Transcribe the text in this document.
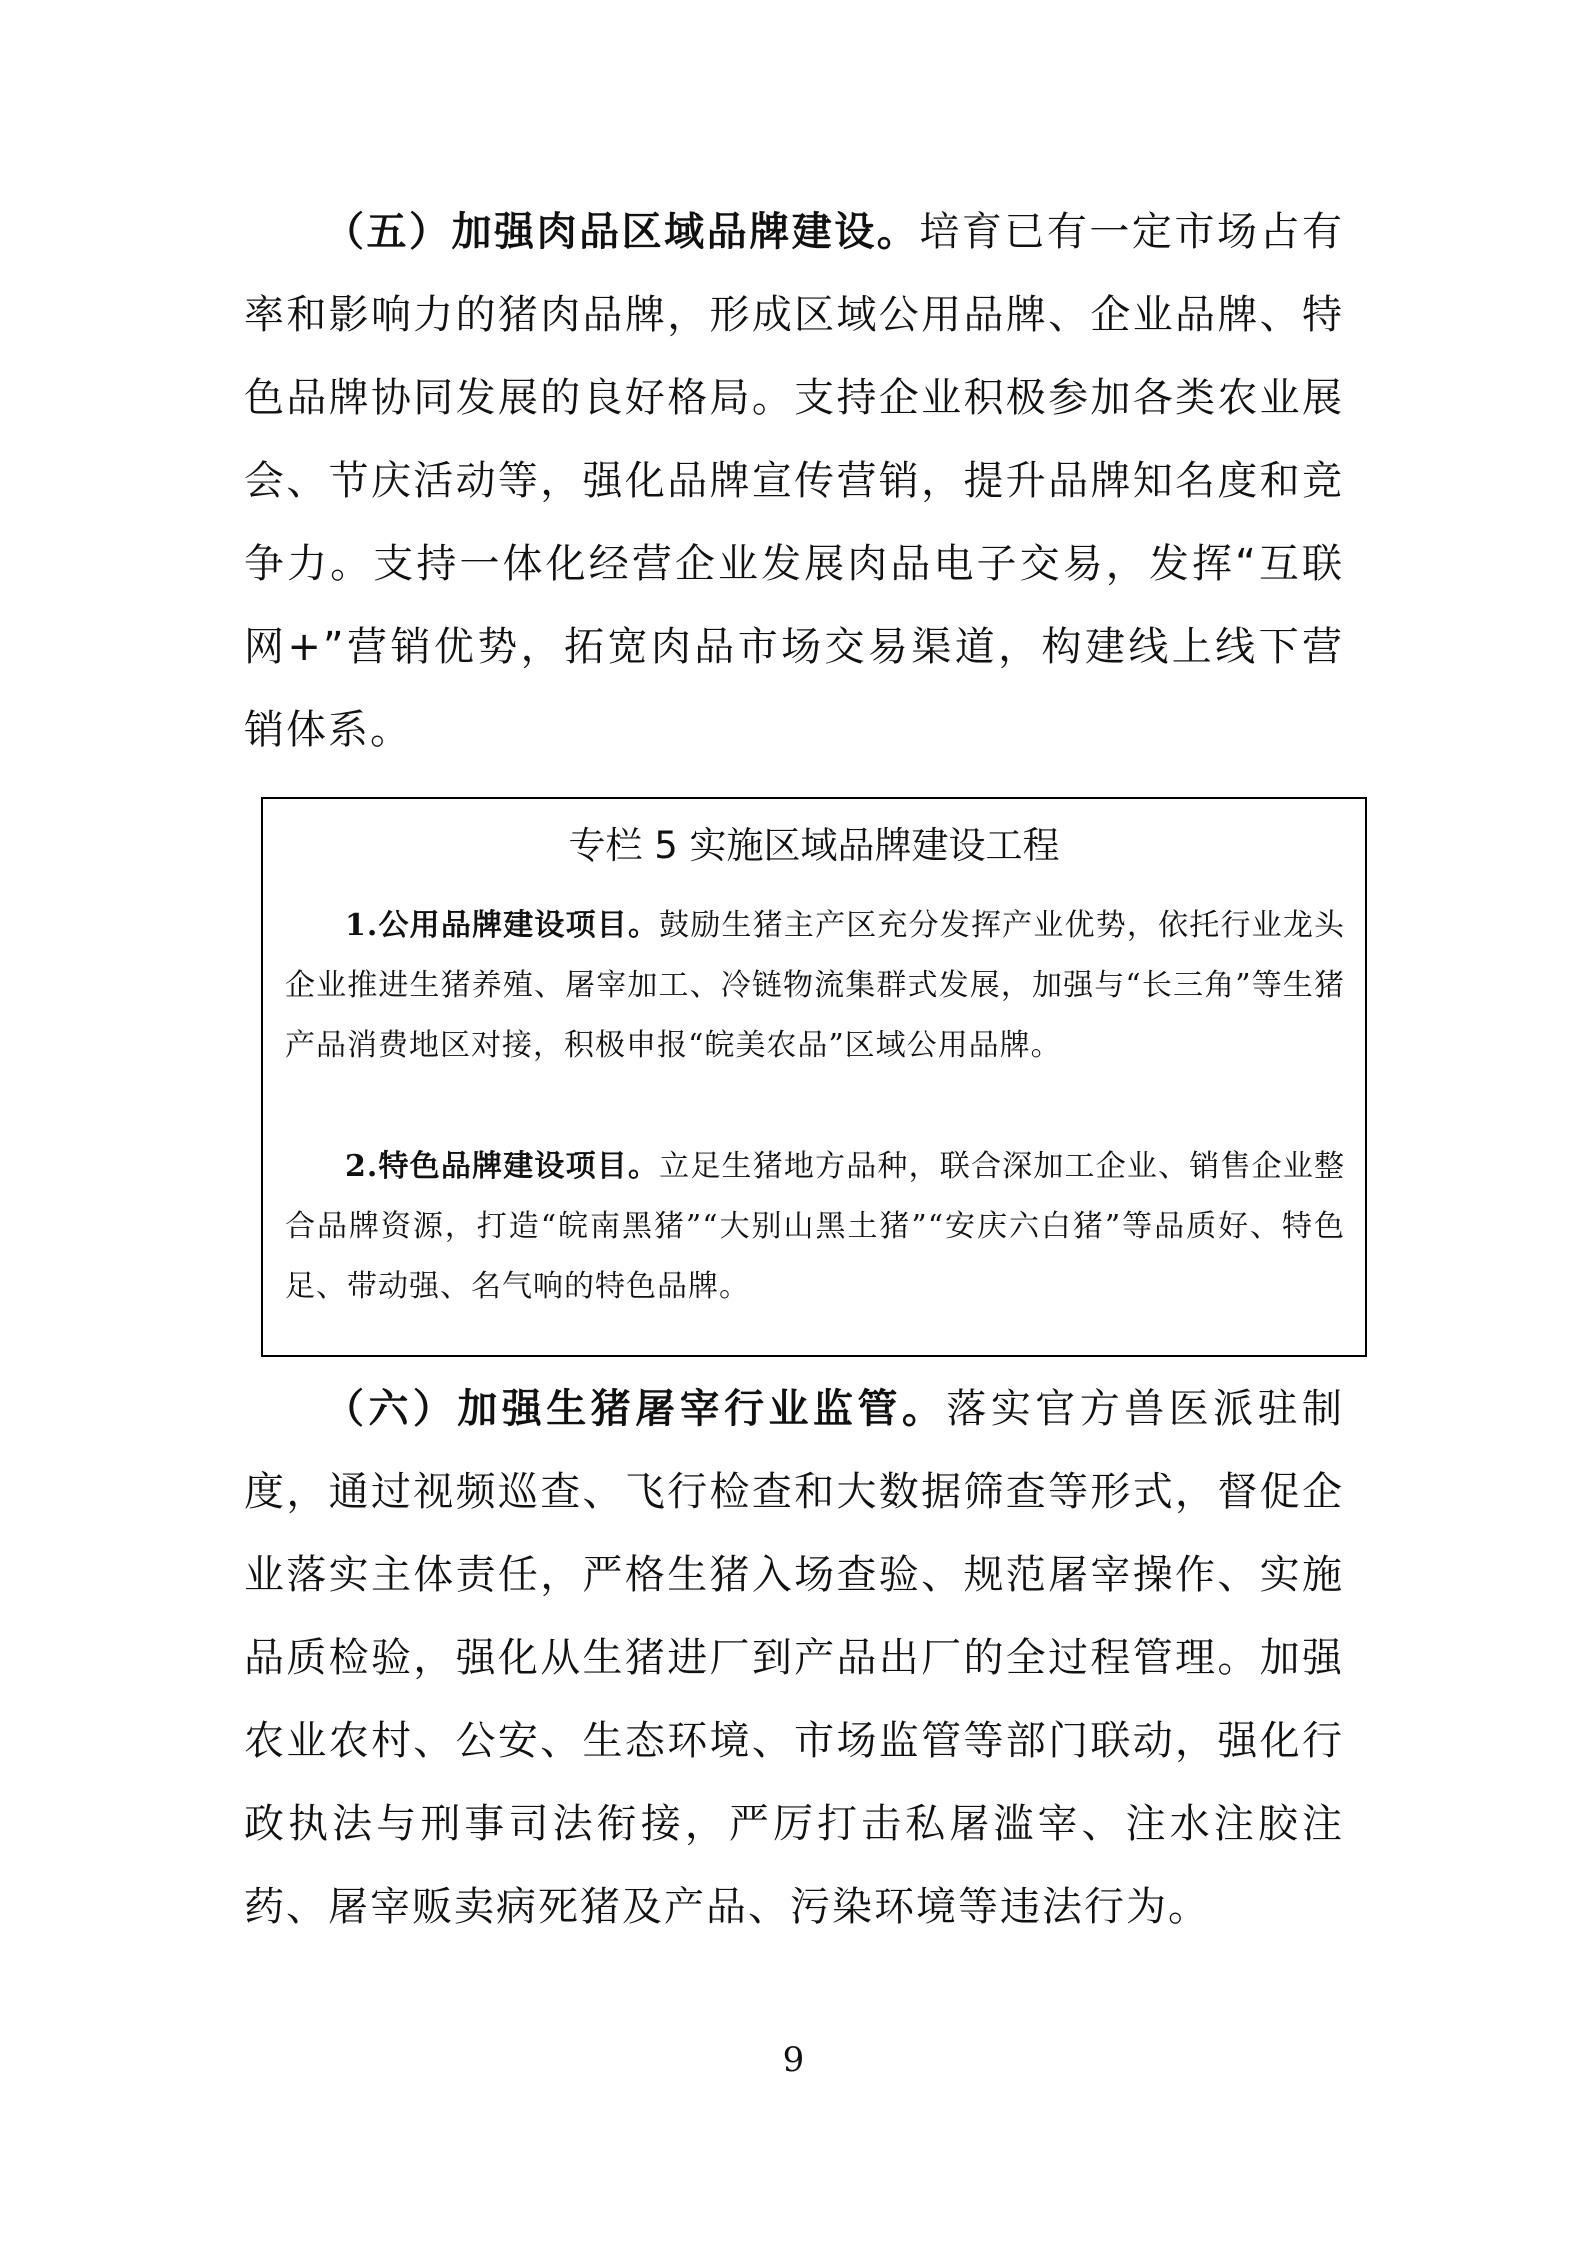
（五）加强肉品区域品牌建设。培育已有一定市场占有率和影响力的猪肉品牌，形成区域公用品牌、企业品牌、特色品牌协同发展的良好格局。支持企业积极参加各类农业展会、节庆活动等，强化品牌宣传营销，提升品牌知名度和竞争力。支持一体化经营企业发展肉品电子交易，发挥“互联网+”营销优势，拓宽肉品市场交易渠道，构建线上线下营销体系。

专栏 5 实施区域品牌建设工程

1.公用品牌建设项目。鼓励生猪主产区充分发挥产业优势，依托行业龙头企业推进生猪养殖、屠宰加工、冷链物流集群式发展，加强与“长三角”等生猪产品消费地区对接，积极申报“皖美农品”区域公用品牌。

2.特色品牌建设项目。立足生猪地方品种，联合深加工企业、销售企业整合品牌资源，打造“皖南黑猪”“大别山黑土猪”“安庆六白猪”等品质好、特色足、带动强、名气响的特色品牌。

（六）加强生猪屠宰行业监管。落实官方兽医派驻制度，通过视频巡查、飞行检查和大数据筛查等形式，督促企业落实主体责任，严格生猪入场查验、规范屠宰操作、实施品质检验，强化从生猪进厂到产品出厂的全过程管理。加强农业农村、公安、生态环境、市场监管等部门联动，强化行政执法与刑事司法衔接，严厉打击私屠滥宰、注水注胶注药、屠宰贩卖病死猪及产品、污染环境等违法行为。

9
